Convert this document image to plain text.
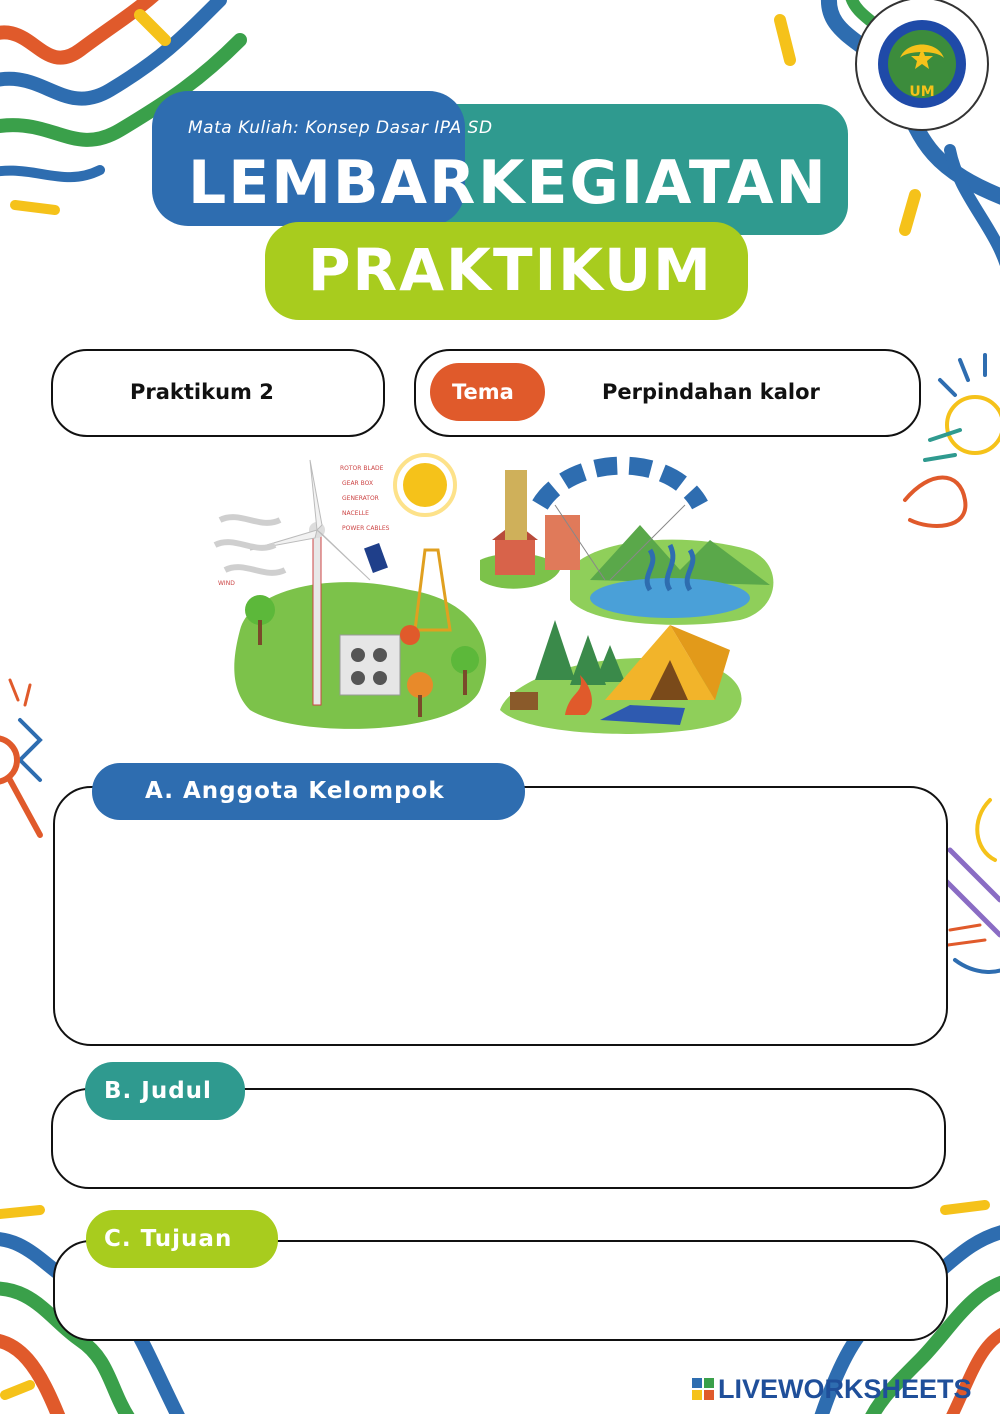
Mata Kuliah: Konsep Dasar IPA SD
LEMBAR KEGIATAN
PRAKTIKUM
UM
Praktikum 2	Tema	Perpindahan kalor
ROTOR BLADE
GEAR BOX
GENERATOR
NACELLE
POWER CABLES
WIND
A. Anggota Kelompok
B. Judul
C. Tujuan
LIVEWORKSHEETS
